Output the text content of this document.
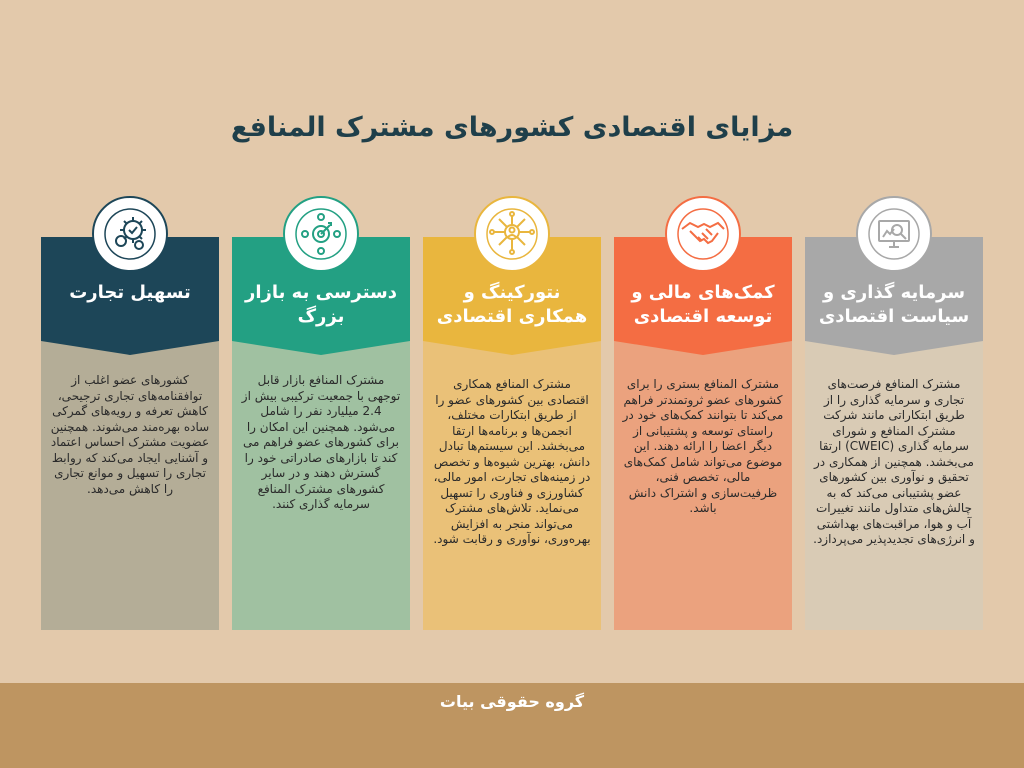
مزایای اقتصادی کشورهای مشترک المنافع
تسهیل تجارت
کشورهای عضو اغلب از توافقنامه‌های تجاری ترجیحی، کاهش تعرفه و رویه‌های گمرکی ساده بهره‌مند می‌شوند. همچنین عضویت مشترک احساس اعتماد و آشنایی ایجاد می‌کند که روابط تجاری را تسهیل و موانع تجاری را کاهش می‌دهد.
دسترسی به بازار بزرگ
مشترک المنافع بازار قابل توجهی با جمعیت ترکیبی بیش از 2.4 میلیارد نفر را شامل می‌شود. همچنین این امکان را برای کشورهای عضو فراهم می کند تا بازارهای صادراتی خود را گسترش دهند و در سایر کشورهای مشترک المنافع سرمایه گذاری کنند.
نتورکینگ و همکاری اقتصادی
مشترک المنافع همکاری اقتصادی بین کشورهای عضو را از طریق ابتکارات مختلف، انجمن‌ها و برنامه‌ها ارتقا می‌بخشد. این سیستم‌ها تبادل دانش، بهترین شیوه‌ها و تخصص در زمینه‌های تجارت، امور مالی، کشاورزی و فناوری را تسهیل می‌نماید. تلاش‌های مشترک می‌تواند منجر به افزایش بهره‌وری، نوآوری و رقابت شود.
کمک‌های مالی و توسعه اقتصادی
مشترک المنافع بستری را برای کشورهای عضو ثروتمندتر فراهم می‌کند تا بتوانند کمک‌های خود در راستای توسعه و پشتیبانی از دیگر اعضا را ارائه دهند. این موضوع می‌تواند شامل کمک‌های مالی، تخصص فنی، ظرفیت‌سازی و اشتراک دانش باشد.
سرمایه گذاری و سیاست اقتصادی
مشترک المنافع فرصت‌های تجاری و سرمایه گذاری را از طریق ابتکاراتی مانند شرکت مشترک المنافع و شورای سرمایه گذاری (CWEIC) ارتقا می‌بخشد. همچنین از همکاری در تحقیق و نوآوری بین کشورهای عضو پشتیبانی می‌کند که به چالش‌های متداول مانند تغییرات آب و هوا، مراقبت‌های بهداشتی و انرژی‌های تجدیدپذیر می‌پردازد.
گروه حقوقی بیات
